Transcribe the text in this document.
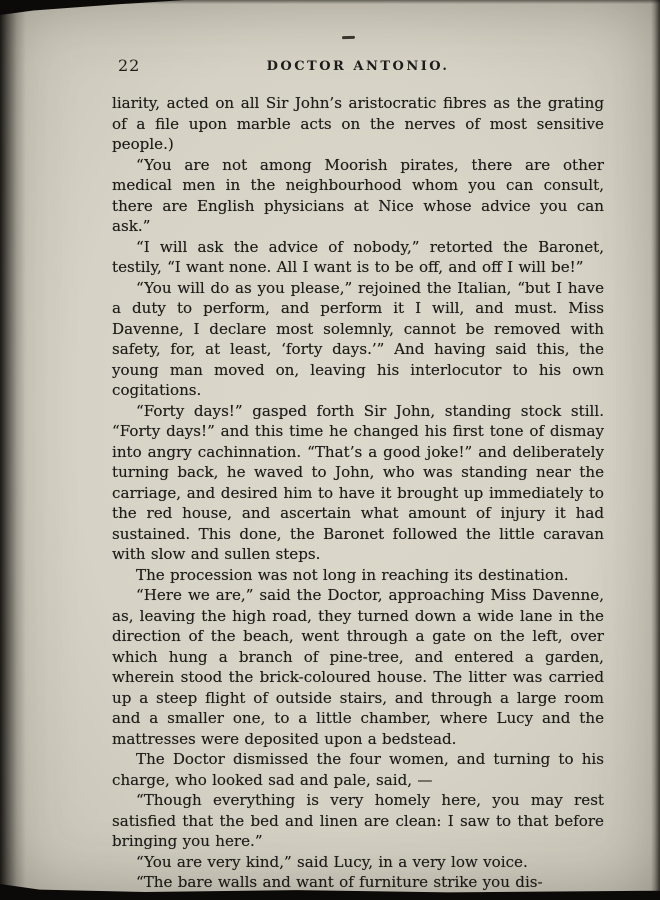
22	DOCTOR ANTONIO.

liarity, acted on all Sir John’s aristocratic fibres as the grating of a file upon marble acts on the nerves of most sensitive people.)

“You are not among Moorish pirates, there are other medical men in the neighbourhood whom you can consult, there are English physicians at Nice whose advice you can ask.”

“I will ask the advice of nobody,” retorted the Baronet, testily, “I want none. All I want is to be off, and off I will be!”

“You will do as you please,” rejoined the Italian, “but I have a duty to perform, and perform it I will, and must. Miss Davenne, I declare most solemnly, cannot be removed with safety, for, at least, ‘forty days.’” And having said this, the young man moved on, leaving his interlocutor to his own cogitations.

“Forty days!” gasped forth Sir John, standing stock still. “Forty days!” and this time he changed his first tone of dismay into angry cachinnation. “That’s a good joke!” and deliberately turning back, he waved to John, who was standing near the carriage, and desired him to have it brought up immediately to the red house, and ascertain what amount of injury it had sustained. This done, the Baronet followed the little caravan with slow and sullen steps.

The procession was not long in reaching its destination.

“Here we are,” said the Doctor, approaching Miss Davenne, as, leaving the high road, they turned down a wide lane in the direction of the beach, went through a gate on the left, over which hung a branch of pine-tree, and entered a garden, wherein stood the brick-coloured house. The litter was carried up a steep flight of outside stairs, and through a large room and a smaller one, to a little chamber, where Lucy and the mattresses were deposited upon a bedstead.

The Doctor dismissed the four women, and turning to his charge, who looked sad and pale, said, —

“Though everything is very homely here, you may rest satisfied that the bed and linen are clean: I saw to that before bringing you here.”

“You are very kind,” said Lucy, in a very low voice.

“The bare walls and want of furniture strike you dis-
